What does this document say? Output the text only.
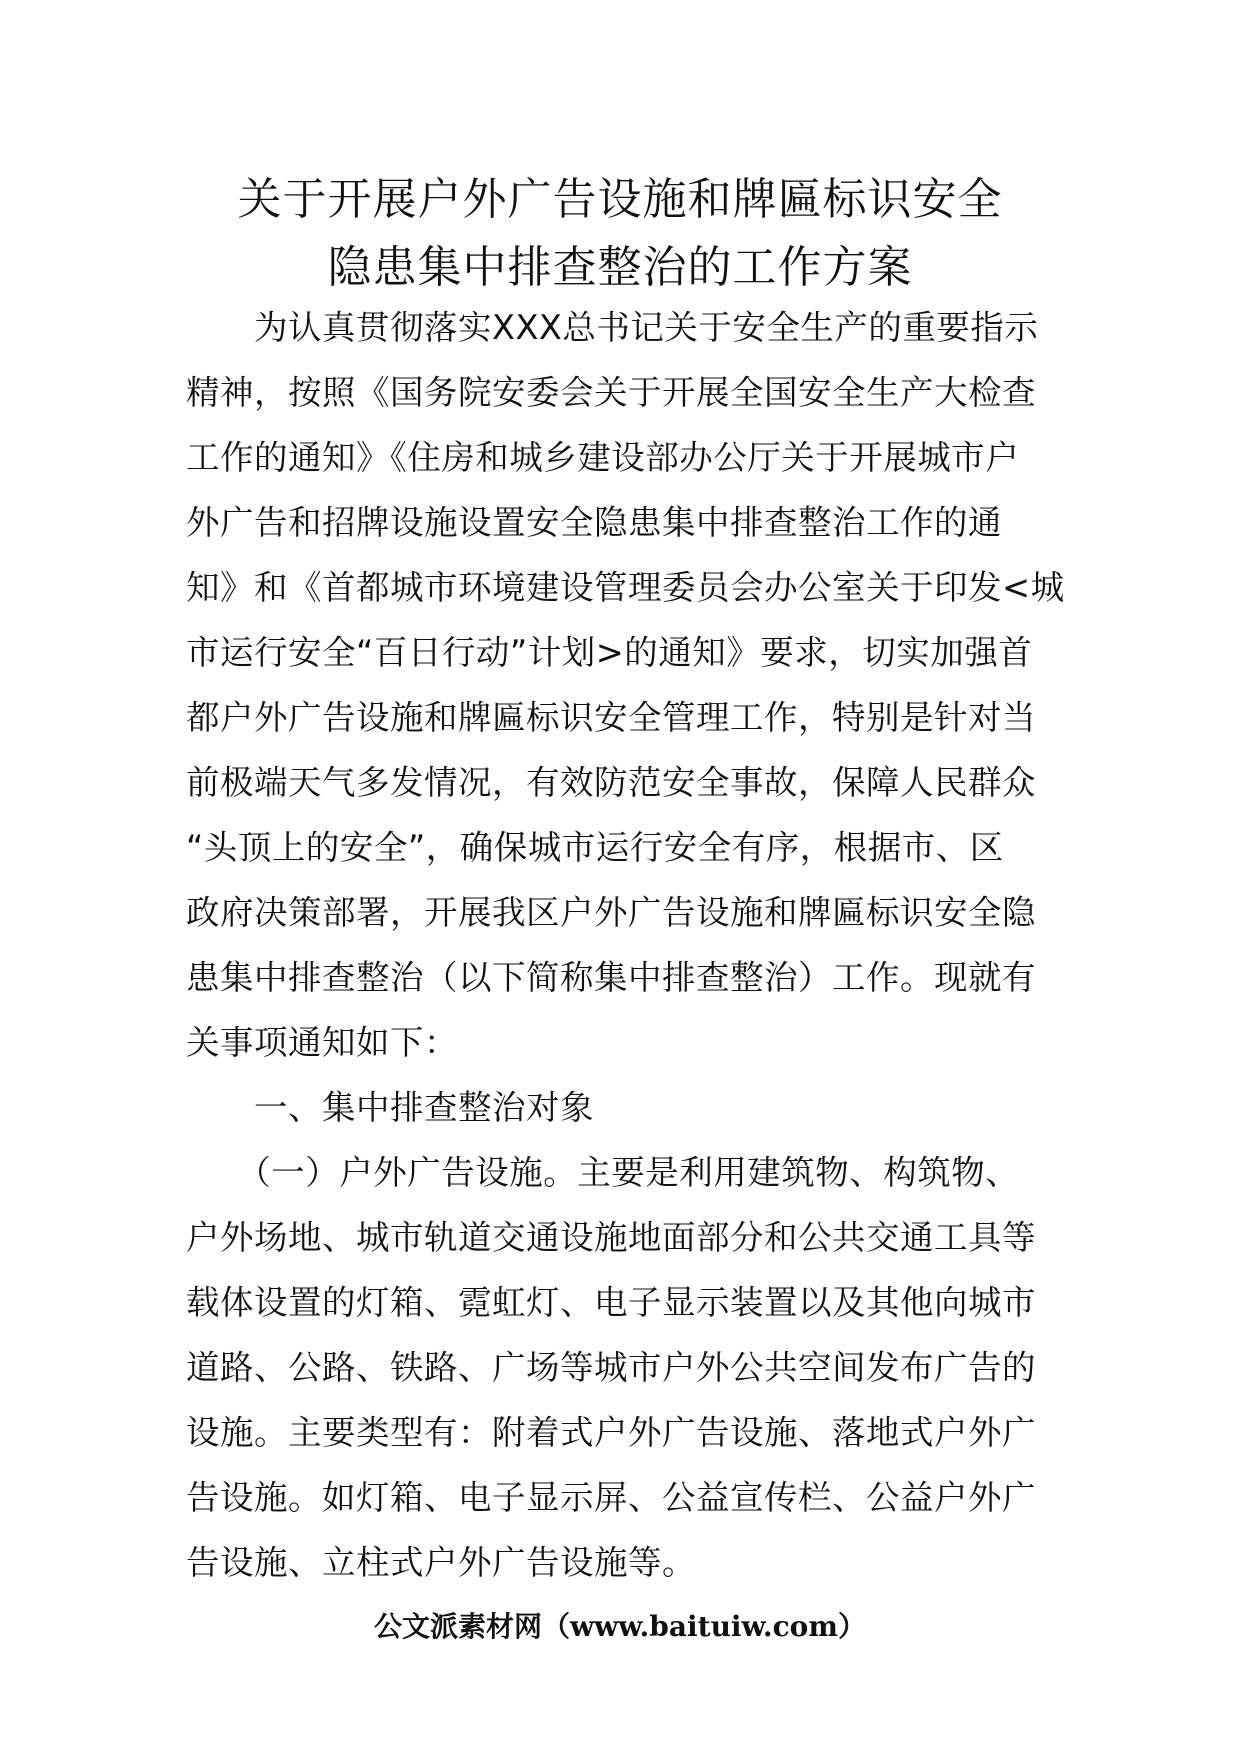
关于开展户外广告设施和牌匾标识安全

隐患集中排查整治的工作方案

　　为认真贯彻落实XXX总书记关于安全生产的重要指示
精神，按照《国务院安委会关于开展全国安全生产大检查
工作的通知》《住房和城乡建设部办公厅关于开展城市户
外广告和招牌设施设置安全隐患集中排查整治工作的通
知》和《首都城市环境建设管理委员会办公室关于印发<城
市运行安全“百日行动”计划>的通知》要求，切实加强首
都户外广告设施和牌匾标识安全管理工作，特别是针对当
前极端天气多发情况，有效防范安全事故，保障人民群众
“头顶上的安全”，确保城市运行安全有序，根据市、区
政府决策部署，开展我区户外广告设施和牌匾标识安全隐
患集中排查整治（以下简称集中排查整治）工作。现就有
关事项通知如下：
　　一、集中排查整治对象
　　（一）户外广告设施。主要是利用建筑物、构筑物、
户外场地、城市轨道交通设施地面部分和公共交通工具等
载体设置的灯箱、霓虹灯、电子显示装置以及其他向城市
道路、公路、铁路、广场等城市户外公共空间发布广告的
设施。主要类型有：附着式户外广告设施、落地式户外广
告设施。如灯箱、电子显示屏、公益宣传栏、公益户外广
告设施、立柱式户外广告设施等。
公文派素材网（www.baituiw.com）
